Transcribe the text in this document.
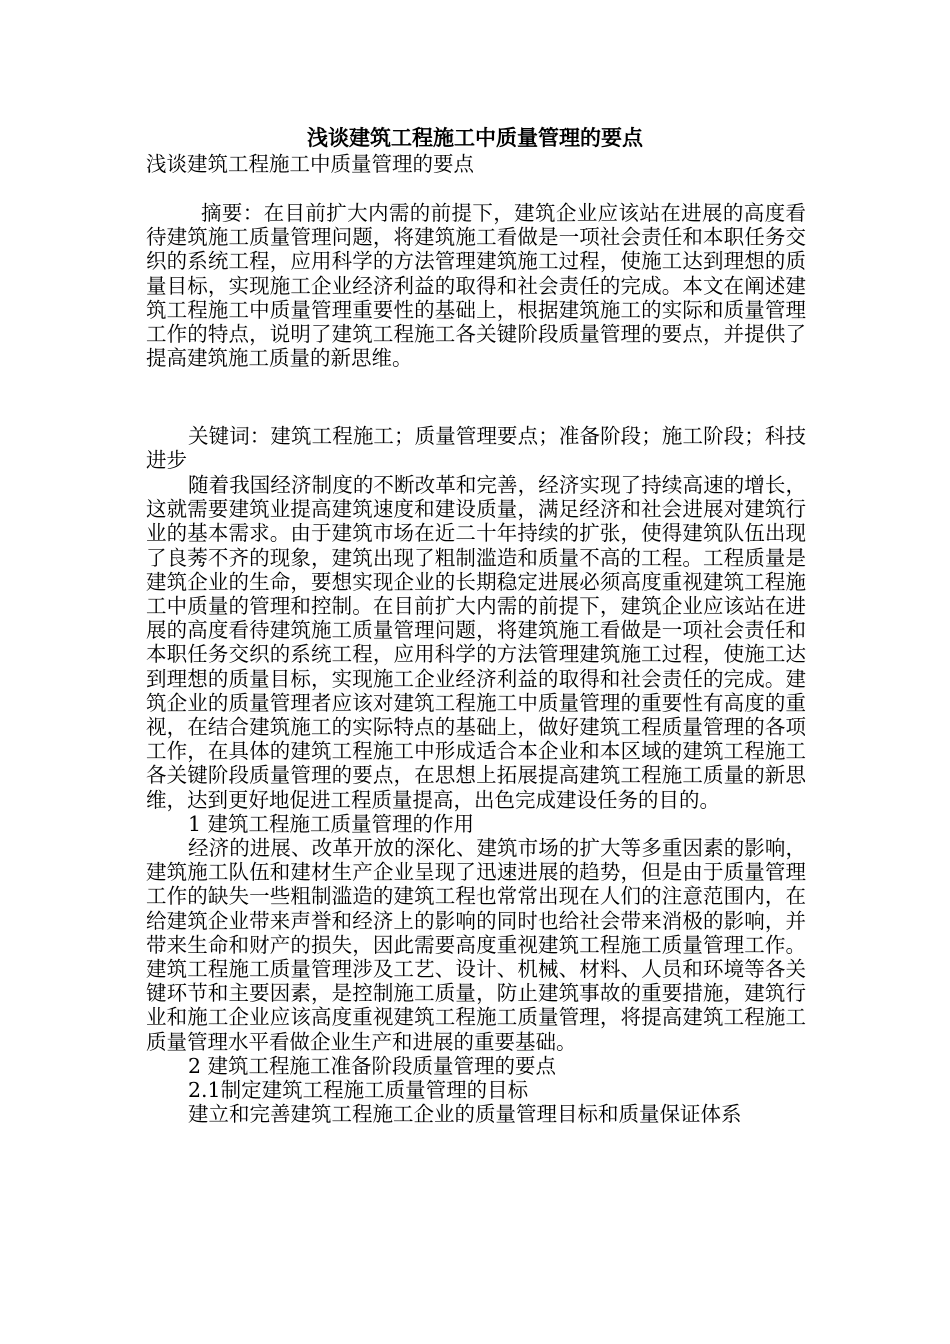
浅谈建筑工程施工中质量管理的要点

浅谈建筑工程施工中质量管理的要点

摘要：在目前扩大内需的前提下，建筑企业应该站在进展的高度看待建筑施工质量管理问题，将建筑施工看做是一项社会责任和本职任务交织的系统工程，应用科学的方法管理建筑施工过程，使施工达到理想的质量目标，实现施工企业经济利益的取得和社会责任的完成。本文在阐述建筑工程施工中质量管理重要性的基础上，根据建筑施工的实际和质量管理工作的特点，说明了建筑工程施工各关键阶段质量管理的要点，并提供了提高建筑施工质量的新思维。

关键词：建筑工程施工；质量管理要点；准备阶段；施工阶段；科技进步

随着我国经济制度的不断改革和完善，经济实现了持续高速的增长，这就需要建筑业提高建筑速度和建设质量，满足经济和社会进展对建筑行业的基本需求。由于建筑市场在近二十年持续的扩张，使得建筑队伍出现了良莠不齐的现象，建筑出现了粗制滥造和质量不高的工程。工程质量是建筑企业的生命，要想实现企业的长期稳定进展必须高度重视建筑工程施工中质量的管理和控制。在目前扩大内需的前提下，建筑企业应该站在进展的高度看待建筑施工质量管理问题，将建筑施工看做是一项社会责任和本职任务交织的系统工程，应用科学的方法管理建筑施工过程，使施工达到理想的质量目标，实现施工企业经济利益的取得和社会责任的完成。建筑企业的质量管理者应该对建筑工程施工中质量管理的重要性有高度的重视，在结合建筑施工的实际特点的基础上，做好建筑工程质量管理的各项工作，在具体的建筑工程施工中形成适合本企业和本区域的建筑工程施工各关键阶段质量管理的要点，在思想上拓展提高建筑工程施工质量的新思维，达到更好地促进工程质量提高，出色完成建设任务的目的。

1 建筑工程施工质量管理的作用

经济的进展、改革开放的深化、建筑市场的扩大等多重因素的影响，建筑施工队伍和建材生产企业呈现了迅速进展的趋势，但是由于质量管理工作的缺失一些粗制滥造的建筑工程也常常出现在人们的注意范围内，在给建筑企业带来声誉和经济上的影响的同时也给社会带来消极的影响，并带来生命和财产的损失，因此需要高度重视建筑工程施工质量管理工作。建筑工程施工质量管理涉及工艺、设计、机械、材料、人员和环境等各关键环节和主要因素，是控制施工质量，防止建筑事故的重要措施，建筑行业和施工企业应该高度重视建筑工程施工质量管理，将提高建筑工程施工质量管理水平看做企业生产和进展的重要基础。

2 建筑工程施工准备阶段质量管理的要点

2.1制定建筑工程施工质量管理的目标

建立和完善建筑工程施工企业的质量管理目标和质量保证体系
